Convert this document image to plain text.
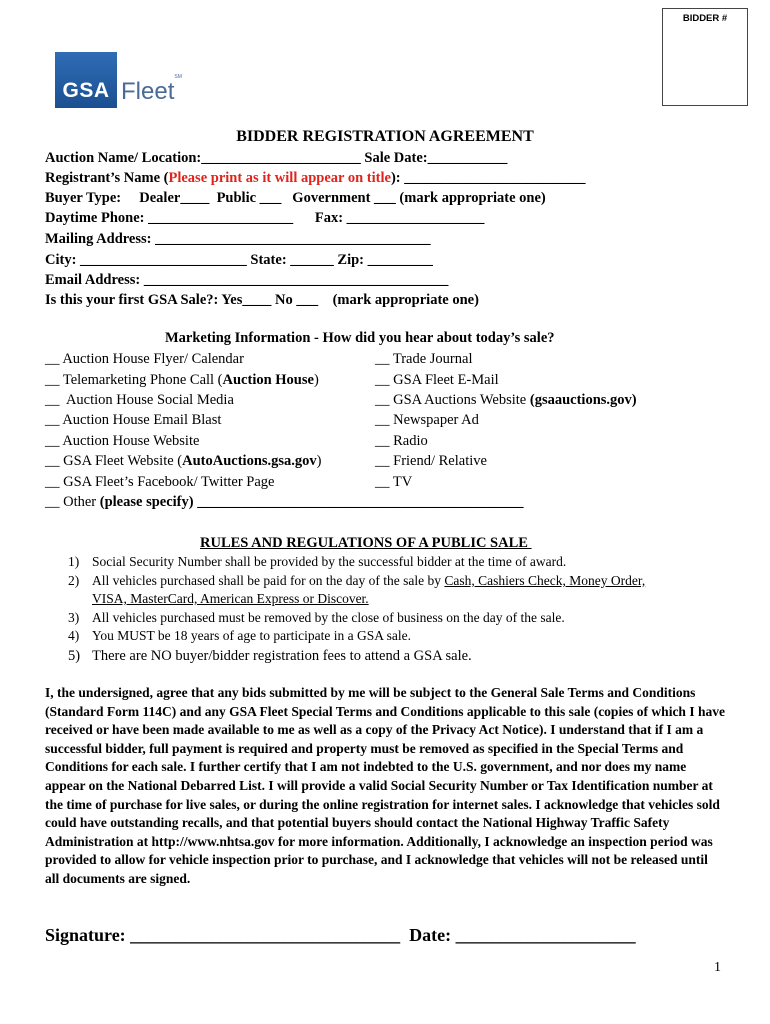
BIDDER #
GSA Fleet
SM
BIDDER REGISTRATION AGREEMENT
Auction Name/ Location:______________________ Sale Date:___________
Registrant’s Name (Please print as it will appear on title): _________________________
Buyer Type:     Dealer____  Public ___   Government ___ (mark appropriate one)
Daytime Phone: ____________________      Fax: ___________________
Mailing Address: ______________________________________
City: _______________________ State: ______ Zip: _________
Email Address: __________________________________________
Is this your first GSA Sale?: Yes____ No ___    (mark appropriate one)
Marketing Information - How did you hear about today’s sale?
__ Auction House Flyer/ Calendar
__ Telemarketing Phone Call (Auction House)
__  Auction House Social Media
__ Auction House Email Blast
__ Auction House Website
__ GSA Fleet Website (AutoAuctions.gsa.gov)
__ GSA Fleet’s Facebook/ Twitter Page
__ Trade Journal
__ GSA Fleet E-Mail
__ GSA Auctions Website (gsaauctions.gov)
__ Newspaper Ad
__ Radio
__ Friend/ Relative
__ TV
__ Other (please specify) _____________________________________________
RULES AND REGULATIONS OF A PUBLIC SALE
1) Social Security Number shall be provided by the successful bidder at the time of award.
2) All vehicles purchased shall be paid for on the day of the sale by Cash, Cashiers Check, Money Order,
VISA, MasterCard, American Express or Discover.
3) All vehicles purchased must be removed by the close of business on the day of the sale.
4) You MUST be 18 years of age to participate in a GSA sale.
5) There are NO buyer/bidder registration fees to attend a GSA sale.
I, the undersigned, agree that any bids submitted by me will be subject to the General Sale Terms and Conditions (Standard Form 114C) and any GSA Fleet Special Terms and Conditions applicable to this sale (copies of which I have received or have been made available to me as well as a copy of the Privacy Act Notice). I understand that if I am a successful bidder, full payment is required and property must be removed as specified in the Special Terms and Conditions for each sale. I further certify that I am not indebted to the U.S. government, and nor does my name appear on the National Debarred List. I will provide a valid Social Security Number or Tax Identification number at the time of purchase for live sales, or during the online registration for internet sales. I acknowledge that vehicles sold could have outstanding recalls, and that potential buyers should contact the National Highway Traffic Safety Administration at http://www.nhtsa.gov for more information. Additionally, I acknowledge an inspection period was provided to allow for vehicle inspection prior to purchase, and I acknowledge that vehicles will not be released until all documents are signed.
Signature: ______________________________  Date: ____________________
1
